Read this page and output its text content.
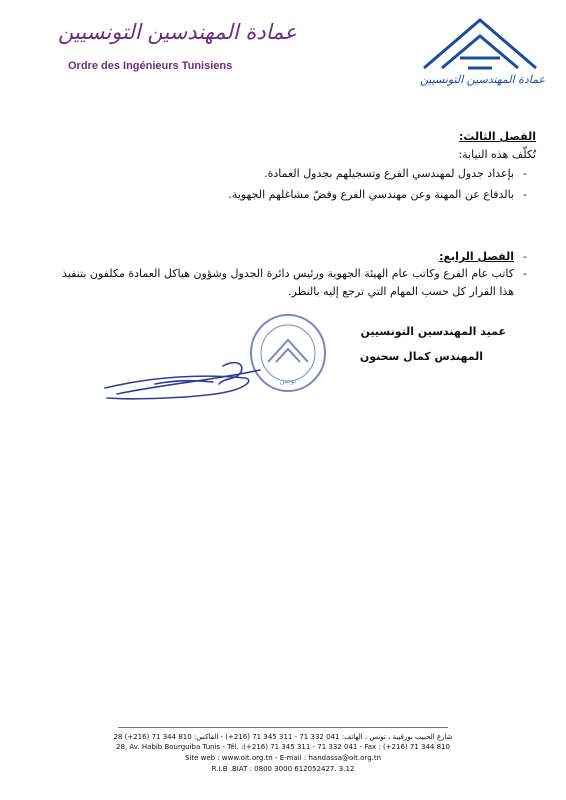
عمادة المهندسين التونسيين
Ordre des Ingénieurs Tunisiens
عمادة المهندسين التونسيين
الفصل الثالث:
تُكلّف هذه النيابة:
-بإعداد جدول لمهندسي الفرع وتسجيلهم بجدول العمادة.
-بالدفاع عن المهنة وعن مهندسي الفرع وفضّ مشاغلهم الجهوية.
-الفصل الرابع:
-كاتب عام الفرع وكاتب عام الهيئة الجهوية ورئيس دائرة الجدول وشؤون هياكل العمادة مكلفون بتنفيذ
هذا القرار كل حسب المهام التي ترجع إليه بالنظر.
عميد المهندسين التونسيين
المهندس كمال سحنون
تونس
28 شارع الحبيب بورقيبة ، تونس ، الهاتف: 041 332 71 - 311 345 71 (216+) - الفاكس: 810 344 71 (216+)
28, Av. Habib Bourguiba Tunis - Tél. :(+216) 71 345 311 - 71 332 041 - Fax : (+216) 71 344 810
Site web : www.oit.org.tn - E-mail : handassa@oit.org.tn
R.I.B .BIAT : 0800 3000 612052427. 3.12
